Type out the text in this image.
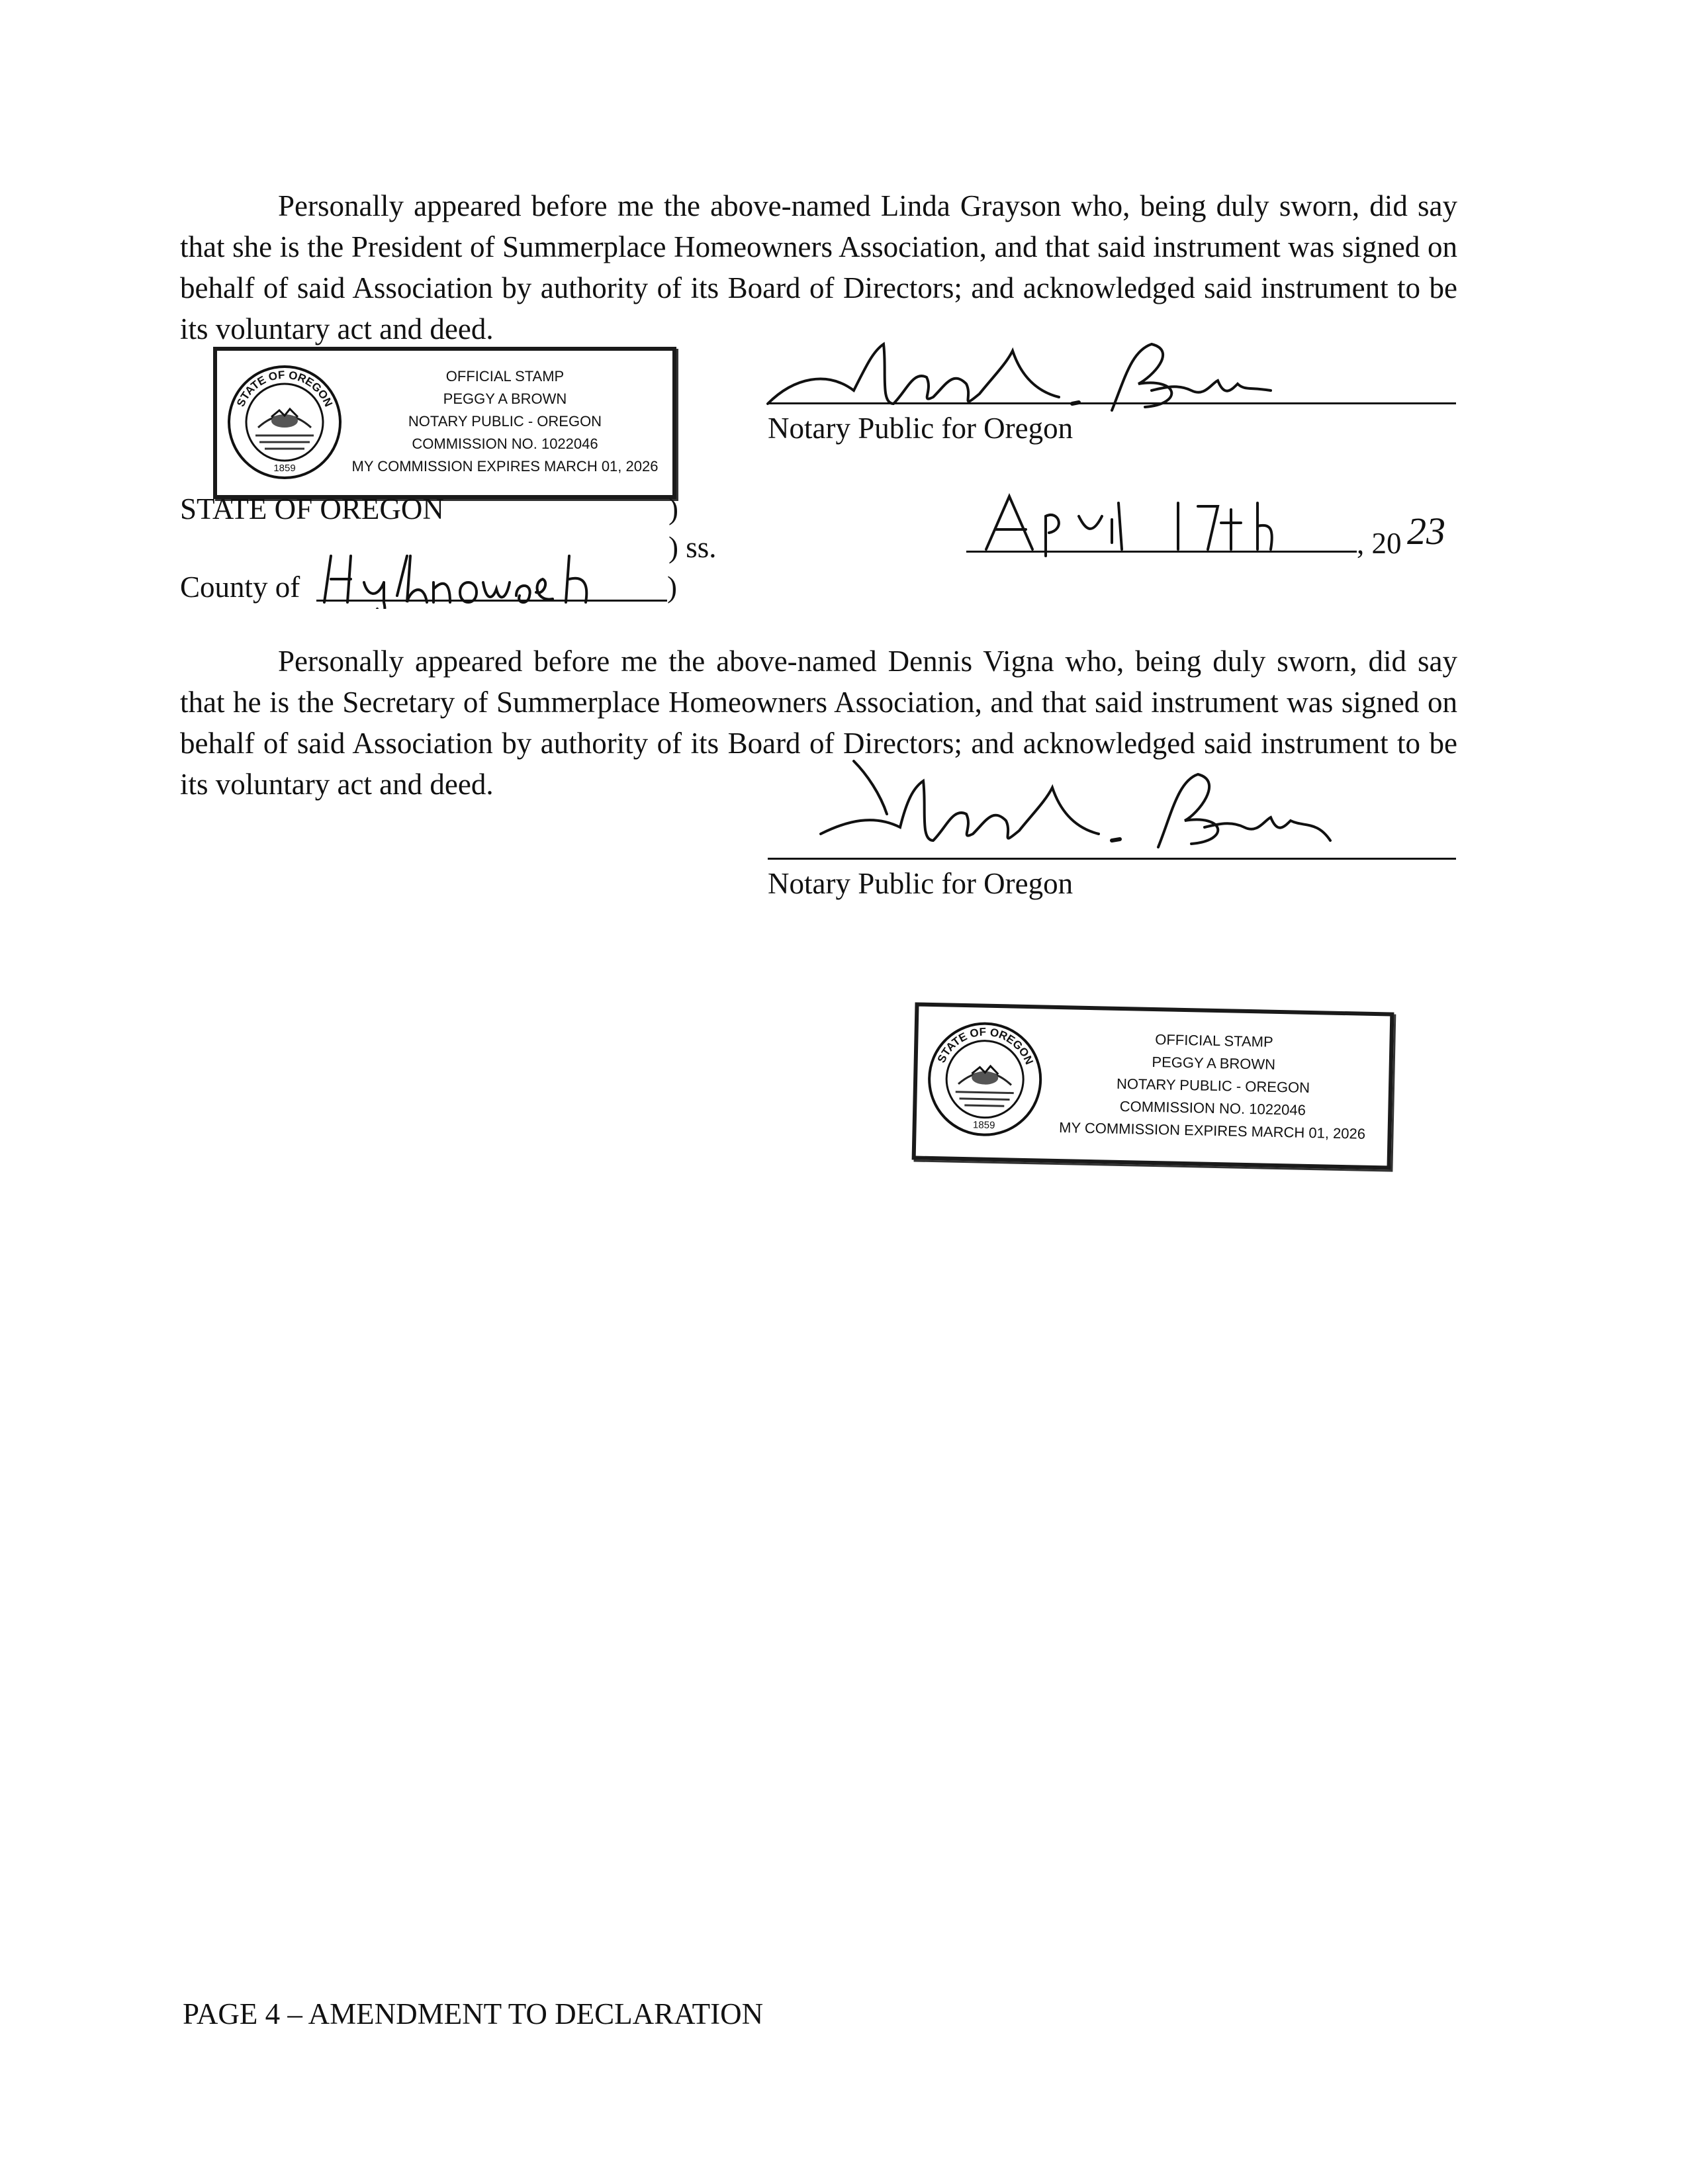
Personally appeared before me the above-named Linda Grayson who, being duly sworn, did say that she is the President of Summerplace Homeowners Association, and that said instrument was signed on behalf of said Association by authority of its Board of Directors; and acknowledged said instrument to be its voluntary act and deed.

1859
OFFICIAL STAMP
PEGGY A BROWN
NOTARY PUBLIC - OREGON
COMMISSION NO. 1022046
MY COMMISSION EXPIRES MARCH 01, 2026
Notary Public for Oregon
STATE OF OREGON	)
) ss.
County of	)
, 20 23

Personally appeared before me the above-named Dennis Vigna who, being duly sworn, did say that he is the Secretary of Summerplace Homeowners Association, and that said instrument was signed on behalf of said Association by authority of its Board of Directors; and acknowledged said instrument to be its voluntary act and deed.

Notary Public for Oregon
1859
OFFICIAL STAMP
PEGGY A BROWN
NOTARY PUBLIC - OREGON
COMMISSION NO. 1022046
MY COMMISSION EXPIRES MARCH 01, 2026
PAGE 4 – AMENDMENT TO DECLARATION
